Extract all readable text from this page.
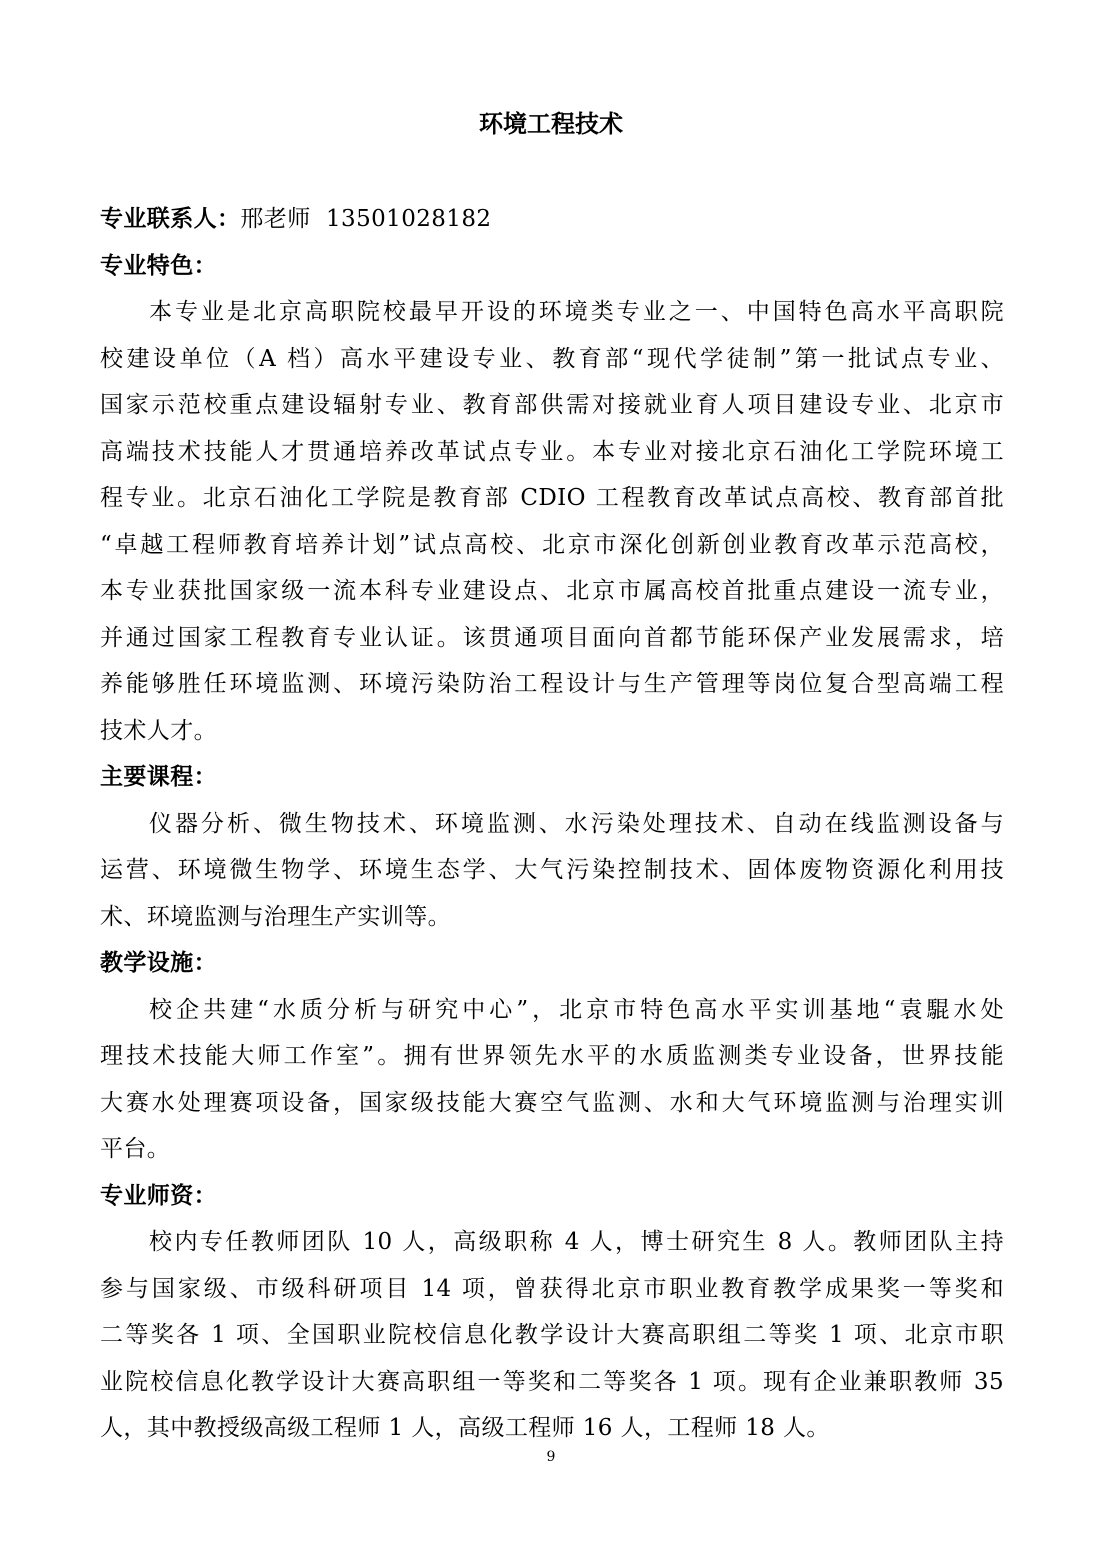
环境工程技术
专业联系人：邢老师  13501028182
专业特色：
本专业是北京高职院校最早开设的环境类专业之一、中国特色高水平高职院
校建设单位（A 档）高水平建设专业、教育部“现代学徒制”第一批试点专业、
国家示范校重点建设辐射专业、教育部供需对接就业育人项目建设专业、北京市
高端技术技能人才贯通培养改革试点专业。本专业对接北京石油化工学院环境工
程专业。北京石油化工学院是教育部 CDIO 工程教育改革试点高校、教育部首批
“卓越工程师教育培养计划”试点高校、北京市深化创新创业教育改革示范高校，
本专业获批国家级一流本科专业建设点、北京市属高校首批重点建设一流专业，
并通过国家工程教育专业认证。该贯通项目面向首都节能环保产业发展需求，培
养能够胜任环境监测、环境污染防治工程设计与生产管理等岗位复合型高端工程
技术人才。
主要课程：
仪器分析、微生物技术、环境监测、水污染处理技术、自动在线监测设备与
运营、环境微生物学、环境生态学、大气污染控制技术、固体废物资源化利用技
术、环境监测与治理生产实训等。
教学设施：
校企共建“水质分析与研究中心”，北京市特色高水平实训基地“袁騉水处
理技术技能大师工作室”。拥有世界领先水平的水质监测类专业设备，世界技能
大赛水处理赛项设备，国家级技能大赛空气监测、水和大气环境监测与治理实训
平台。
专业师资：
校内专任教师团队 10 人，高级职称 4 人，博士研究生 8 人。教师团队主持
参与国家级、市级科研项目 14 项，曾获得北京市职业教育教学成果奖一等奖和
二等奖各 1 项、全国职业院校信息化教学设计大赛高职组二等奖 1 项、北京市职
业院校信息化教学设计大赛高职组一等奖和二等奖各 1 项。现有企业兼职教师 35
人，其中教授级高级工程师 1 人，高级工程师 16 人，工程师 18 人。
9
